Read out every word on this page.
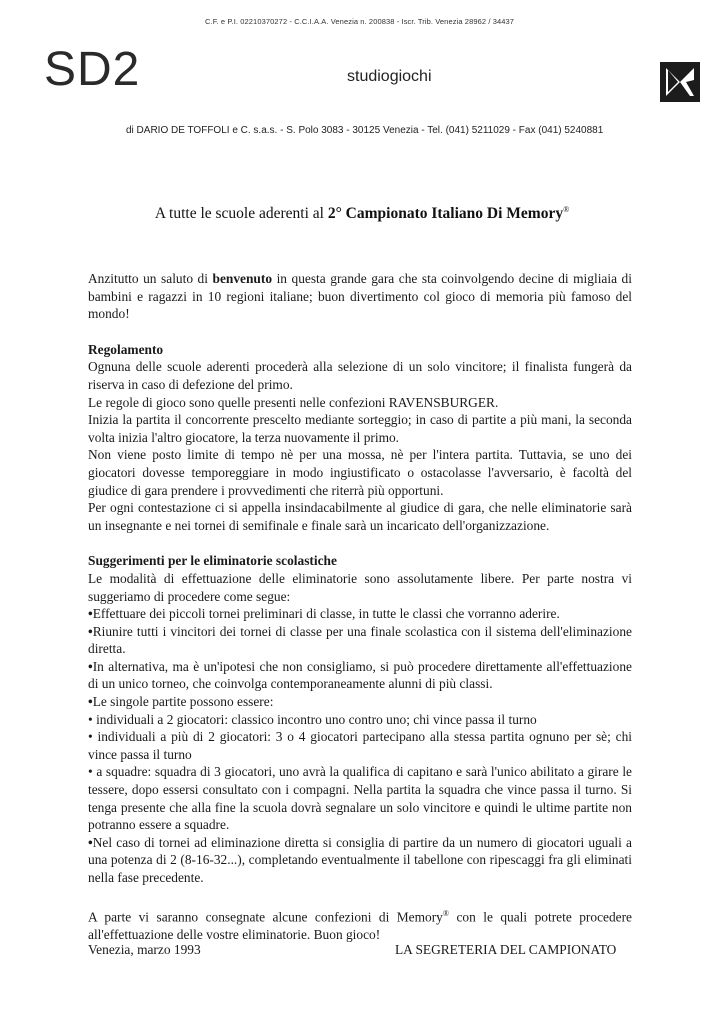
C.F. e P.I. 02210370272 - C.C.I.A.A. Venezia n. 200838 - Iscr. Trib. Venezia 28962 / 34437
SD2	studiogiochi
di DARIO DE TOFFOLI e C. s.a.s. - S. Polo 3083 - 30125 Venezia - Tel. (041) 5211029 - Fax (041) 5240881
A tutte le scuole aderenti al 2° Campionato Italiano Di Memory®

Anzitutto un saluto di benvenuto in questa grande gara che sta coinvolgendo decine di migliaia di bambini e ragazzi in 10 regioni italiane; buon divertimento col gioco di memoria più famoso del mondo!

Regolamento

Ognuna delle scuole aderenti procederà alla selezione di un solo vincitore; il finalista fungerà da riserva in caso di defezione del primo.

Le regole di gioco sono quelle presenti nelle confezioni RAVENSBURGER.

Inizia la partita il concorrente prescelto mediante sorteggio; in caso di partite a più mani, la seconda volta inizia l'altro giocatore, la terza nuovamente il primo.

Non viene posto limite di tempo nè per una mossa, nè per l'intera partita. Tuttavia, se uno dei giocatori dovesse temporeggiare in modo ingiustificato o ostacolasse l'avversario, è facoltà del giudice di gara prendere i provvedimenti che riterrà più opportuni.

Per ogni contestazione ci si appella insindacabilmente al giudice di gara, che nelle eliminatorie sarà un insegnante e nei tornei di semifinale e finale sarà un incaricato dell'organizzazione.

Suggerimenti per le eliminatorie scolastiche

Le modalità di effettuazione delle eliminatorie sono assolutamente libere. Per parte nostra vi suggeriamo di procedere come segue:

•Effettuare dei piccoli tornei preliminari di classe, in tutte le classi che vorranno aderire.

•Riunire tutti i vincitori dei tornei di classe per una finale scolastica con il sistema dell'eliminazione diretta.

•In alternativa, ma è un'ipotesi che non consigliamo, si può procedere direttamente all'effettuazione di un unico torneo, che coinvolga contemporaneamente alunni di più classi.

•Le singole partite possono essere:

• individuali a 2 giocatori: classico incontro uno contro uno; chi vince passa il turno

• individuali a più di 2 giocatori: 3 o 4 giocatori partecipano alla stessa partita ognuno per sè; chi vince passa il turno

• a squadre: squadra di 3 giocatori, uno avrà la qualifica di capitano e sarà l'unico abilitato a girare le tessere, dopo essersi consultato con i compagni. Nella partita la squadra che vince passa il turno. Si tenga presente che alla fine la scuola dovrà segnalare un solo vincitore e quindi le ultime partite non potranno essere a squadre.

•Nel caso di tornei ad eliminazione diretta si consiglia di partire da un numero di giocatori uguali a una potenza di 2 (8-16-32...), completando eventualmente il tabellone con ripescaggi fra gli eliminati nella fase precedente.

A parte vi saranno consegnate alcune confezioni di Memory® con le quali potrete procedere all'effettuazione delle vostre eliminatorie. Buon gioco!

Venezia, marzo 1993	LA SEGRETERIA DEL CAMPIONATO
